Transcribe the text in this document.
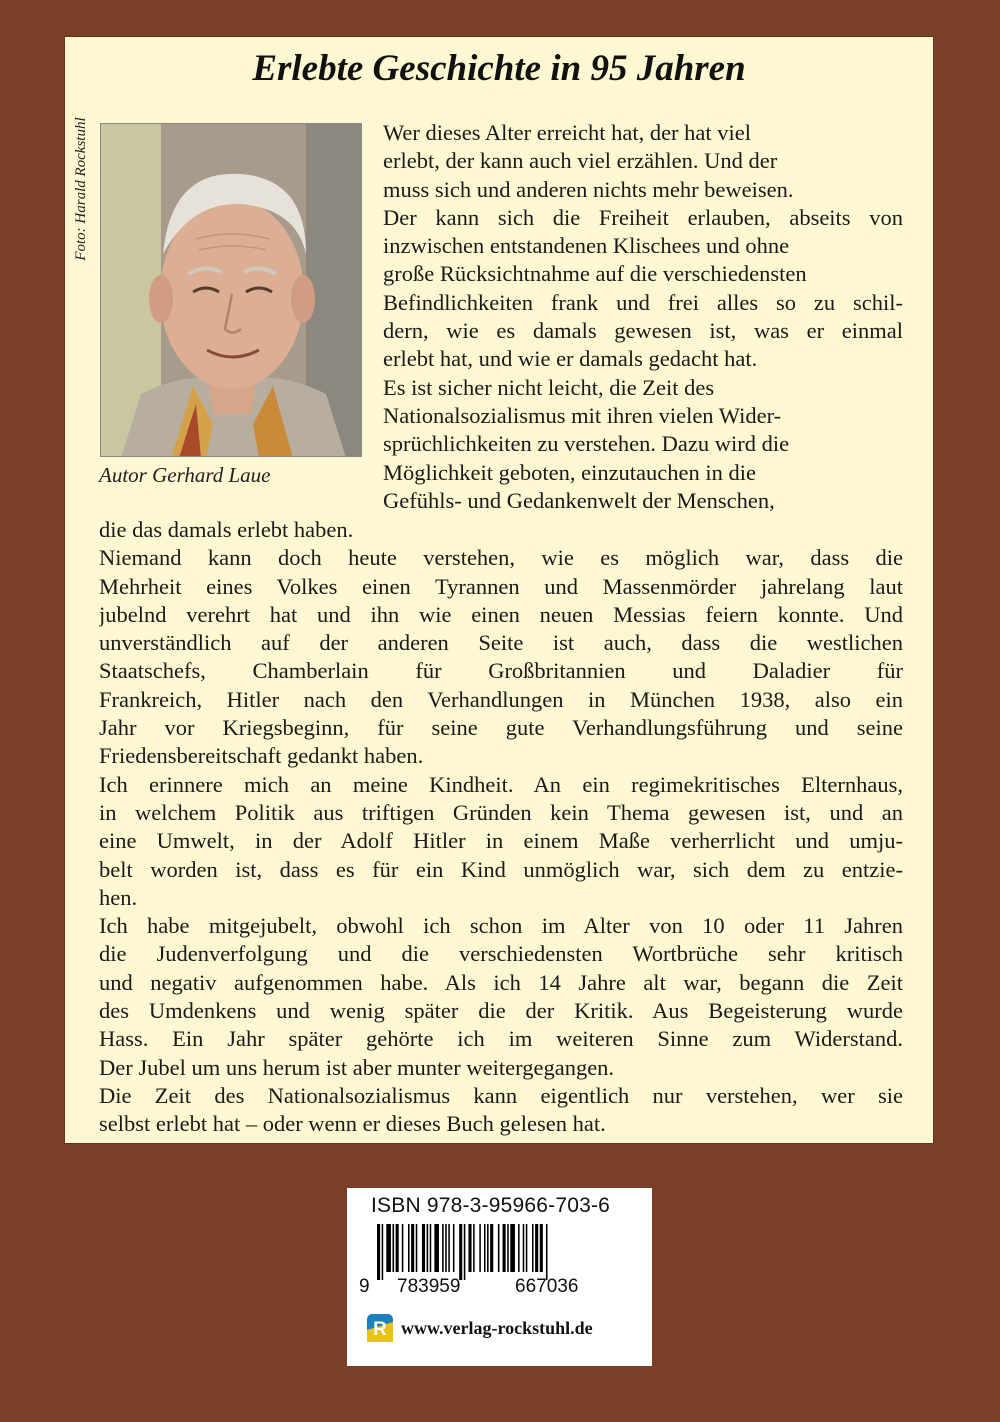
Erlebte Geschichte in 95 Jahren
Foto: Harald Rockstuhl
Autor Gerhard Laue
Wer dieses Alter erreicht hat, der hat viel
erlebt, der kann auch viel erzählen. Und der
muss sich und anderen nichts mehr beweisen.
Der kann sich die Freiheit erlauben, abseits von
inzwischen entstandenen Klischees und ohne
große Rücksichtnahme auf die verschiedensten
Befindlichkeiten frank und frei alles so zu schil-
dern, wie es damals gewesen ist, was er einmal
erlebt hat, und wie er damals gedacht hat.
Es ist sicher nicht leicht, die Zeit des
Nationalsozialismus mit ihren vielen Wider-
sprüchlichkeiten zu verstehen. Dazu wird die
Möglichkeit geboten, einzutauchen in die
Gefühls- und Gedankenwelt der Menschen,
die das damals erlebt haben.
Niemand kann doch heute verstehen, wie es möglich war, dass die
Mehrheit eines Volkes einen Tyrannen und Massenmörder jahrelang laut
jubelnd verehrt hat und ihn wie einen neuen Messias feiern konnte. Und
unverständlich auf der anderen Seite ist auch, dass die westlichen
Staatschefs, Chamberlain für Großbritannien und Daladier für
Frankreich, Hitler nach den Verhandlungen in München 1938, also ein
Jahr vor Kriegsbeginn, für seine gute Verhandlungsführung und seine
Friedensbereitschaft gedankt haben.
Ich erinnere mich an meine Kindheit. An ein regimekritisches Elternhaus,
in welchem Politik aus triftigen Gründen kein Thema gewesen ist, und an
eine Umwelt, in der Adolf Hitler in einem Maße verherrlicht und umju-
belt worden ist, dass es für ein Kind unmöglich war, sich dem zu entzie-
hen.
Ich habe mitgejubelt, obwohl ich schon im Alter von 10 oder 11 Jahren
die Judenverfolgung und die verschiedensten Wortbrüche sehr kritisch
und negativ aufgenommen habe. Als ich 14 Jahre alt war, begann die Zeit
des Umdenkens und wenig später die der Kritik. Aus Begeisterung wurde
Hass. Ein Jahr später gehörte ich im weiteren Sinne zum Widerstand.
Der Jubel um uns herum ist aber munter weitergegangen.
Die Zeit des Nationalsozialismus kann eigentlich nur verstehen, wer sie
selbst erlebt hat – oder wenn er dieses Buch gelesen hat.
ISBN 978-3-95966-703-6
9 783959	667036
R www.verlag-rockstuhl.de
